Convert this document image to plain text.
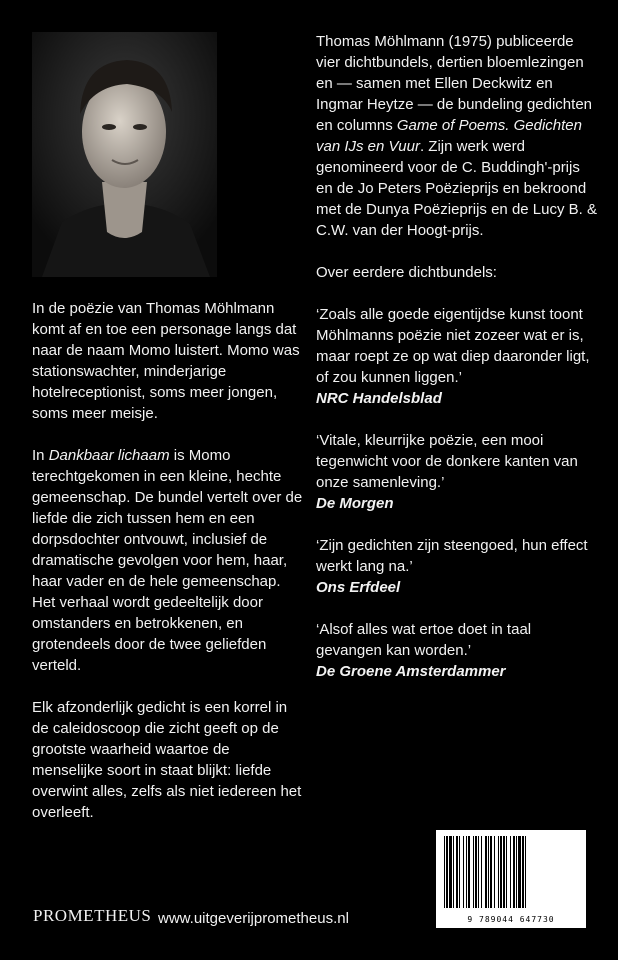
In de poëzie van Thomas Möhlmann komt af en toe een personage langs dat naar de naam Momo luistert. Momo was stationswachter, minderjarige hotelreceptionist, soms meer jongen, soms meer meisje.

In Dankbaar lichaam is Momo terechtgekomen in een kleine, hechte gemeenschap. De bundel vertelt over de liefde die zich tussen hem en een dorpsdochter ontvouwt, inclusief de dramatische gevolgen voor hem, haar, haar vader en de hele gemeenschap. Het verhaal wordt gedeeltelijk door omstanders en betrokkenen, en grotendeels door de twee geliefden verteld.

Elk afzonderlijk gedicht is een korrel in de caleidoscoop die zicht geeft op de grootste waarheid waartoe de menselijke soort in staat blijkt: liefde overwint alles, zelfs als niet iedereen het overleeft.

Thomas Möhlmann (1975) publiceerde vier dichtbundels, dertien bloemlezingen en — samen met Ellen Deckwitz en Ingmar Heytze — de bundeling gedichten en columns Game of Poems. Gedichten van IJs en Vuur. Zijn werk werd genomineerd voor de C. Buddingh'-prijs en de Jo Peters Poëzieprijs en bekroond met de Dunya Poëzieprijs en de Lucy B. & C.W. van der Hoogt-prijs.

Over eerdere dichtbundels:

‘Zoals alle goede eigentijdse kunst toont Möhlmanns poëzie niet zozeer wat er is, maar roept ze op wat diep daaronder ligt, of zou kunnen liggen.’

NRC Handelsblad

‘Vitale, kleurrijke poëzie, een mooi tegenwicht voor de donkere kanten van onze samenleving.’

De Morgen

‘Zijn gedichten zijn steengoed, hun effect werkt lang na.’

Ons Erfdeel

‘Alsof alles wat ertoe doet in taal gevangen kan worden.’

De Groene Amsterdammer

9 789044 647730
PROMETHEUS www.uitgeverijprometheus.nl
